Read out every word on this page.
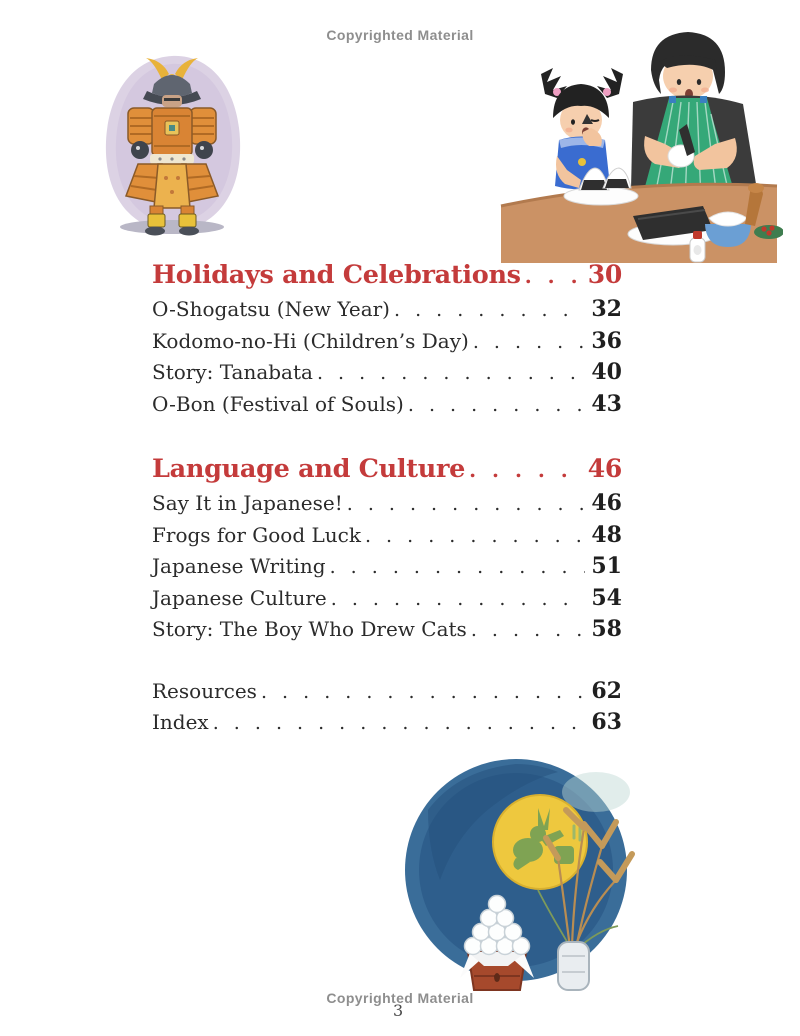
Copyrighted Material
Holidays and Celebrations . . .	30
O-Shogatsu (New Year) . . .	32
Kodomo-no-Hi (Children’s Day) . . .	36
Story: Tanabata . . .	40
O-Bon (Festival of Souls) . . .	43
Language and Culture . . .	46
Say It in Japanese! . . .	46
Frogs for Good Luck . . .	48
Japanese Writing . . .	51
Japanese Culture . . .	54
Story: The Boy Who Drew Cats . . .	58
Resources . . .	62
Index . . .	63
Copyrighted Material
3
